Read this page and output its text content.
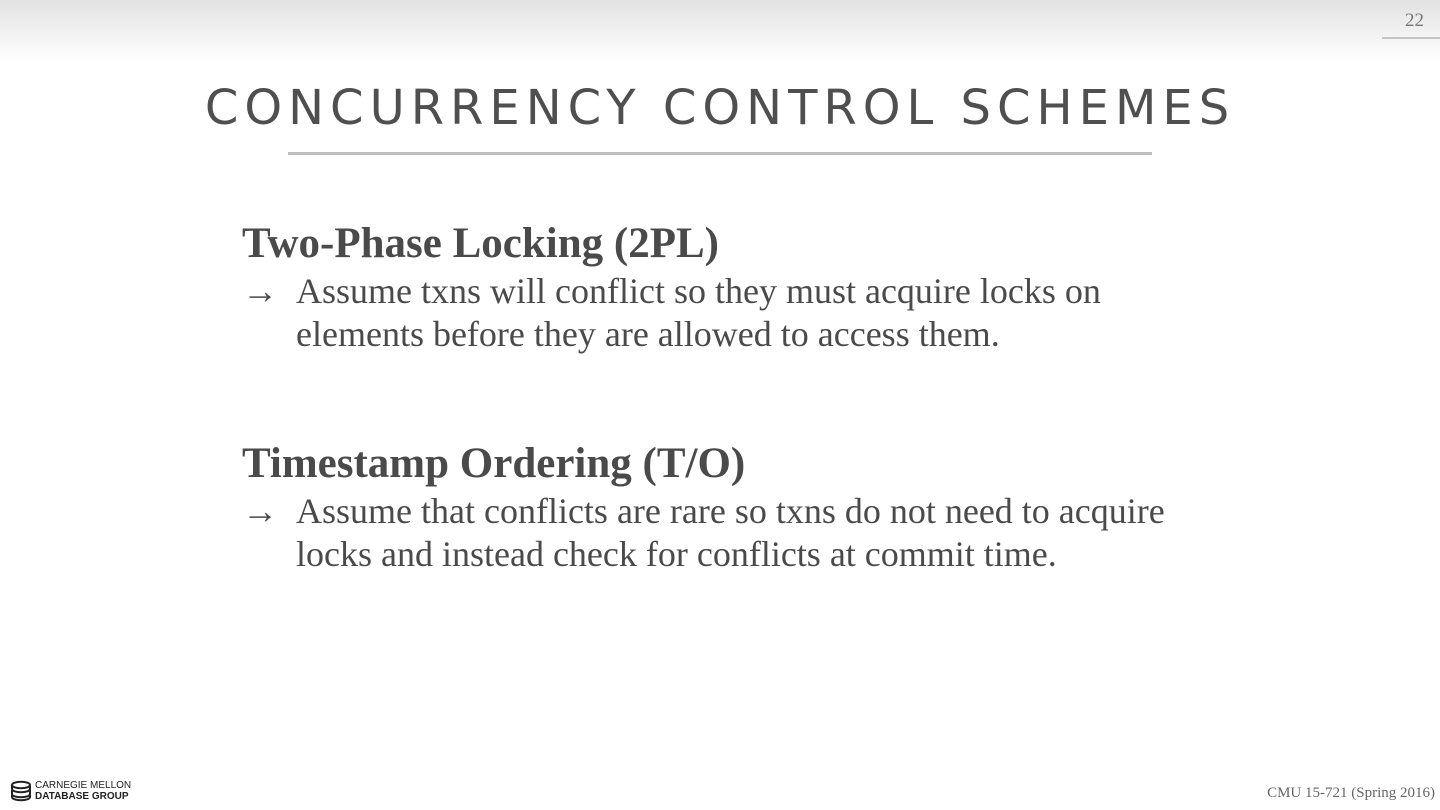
22
CONCURRENCY CONTROL SCHEMES
Two-Phase Locking (2PL)
→ Assume txns will conflict so they must acquire locks on elements before they are allowed to access them.
Timestamp Ordering (T/O)
→ Assume that conflicts are rare so txns do not need to acquire locks and instead check for conflicts at commit time.
CARNEGIE MELLON
DATABASE GROUP	CMU 15-721 (Spring 2016)
